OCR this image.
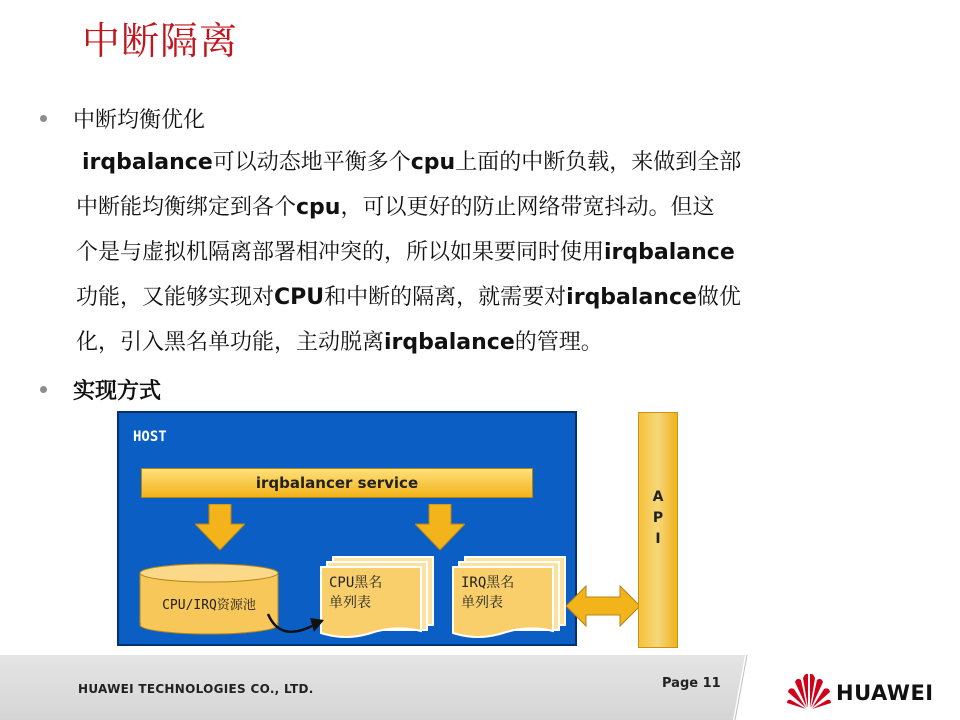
中断隔离
中断均衡优化
irqbalance可以动态地平衡多个cpu上面的中断负载，来做到全部
中断能均衡绑定到各个cpu，可以更好的防止网络带宽抖动。但这
个是与虚拟机隔离部署相冲突的，所以如果要同时使用irqbalance
功能，又能够实现对CPU和中断的隔离，就需要对irqbalance做优
化，引入黑名单功能，主动脱离irqbalance的管理。
实现方式
HOST
irqbalancer service
CPU/IRQ资源池
CPU黑名
单列表
IRQ黑名
单列表
A
P
I
HUAWEI TECHNOLOGIES CO., LTD.	Page 11	HUAWEI
